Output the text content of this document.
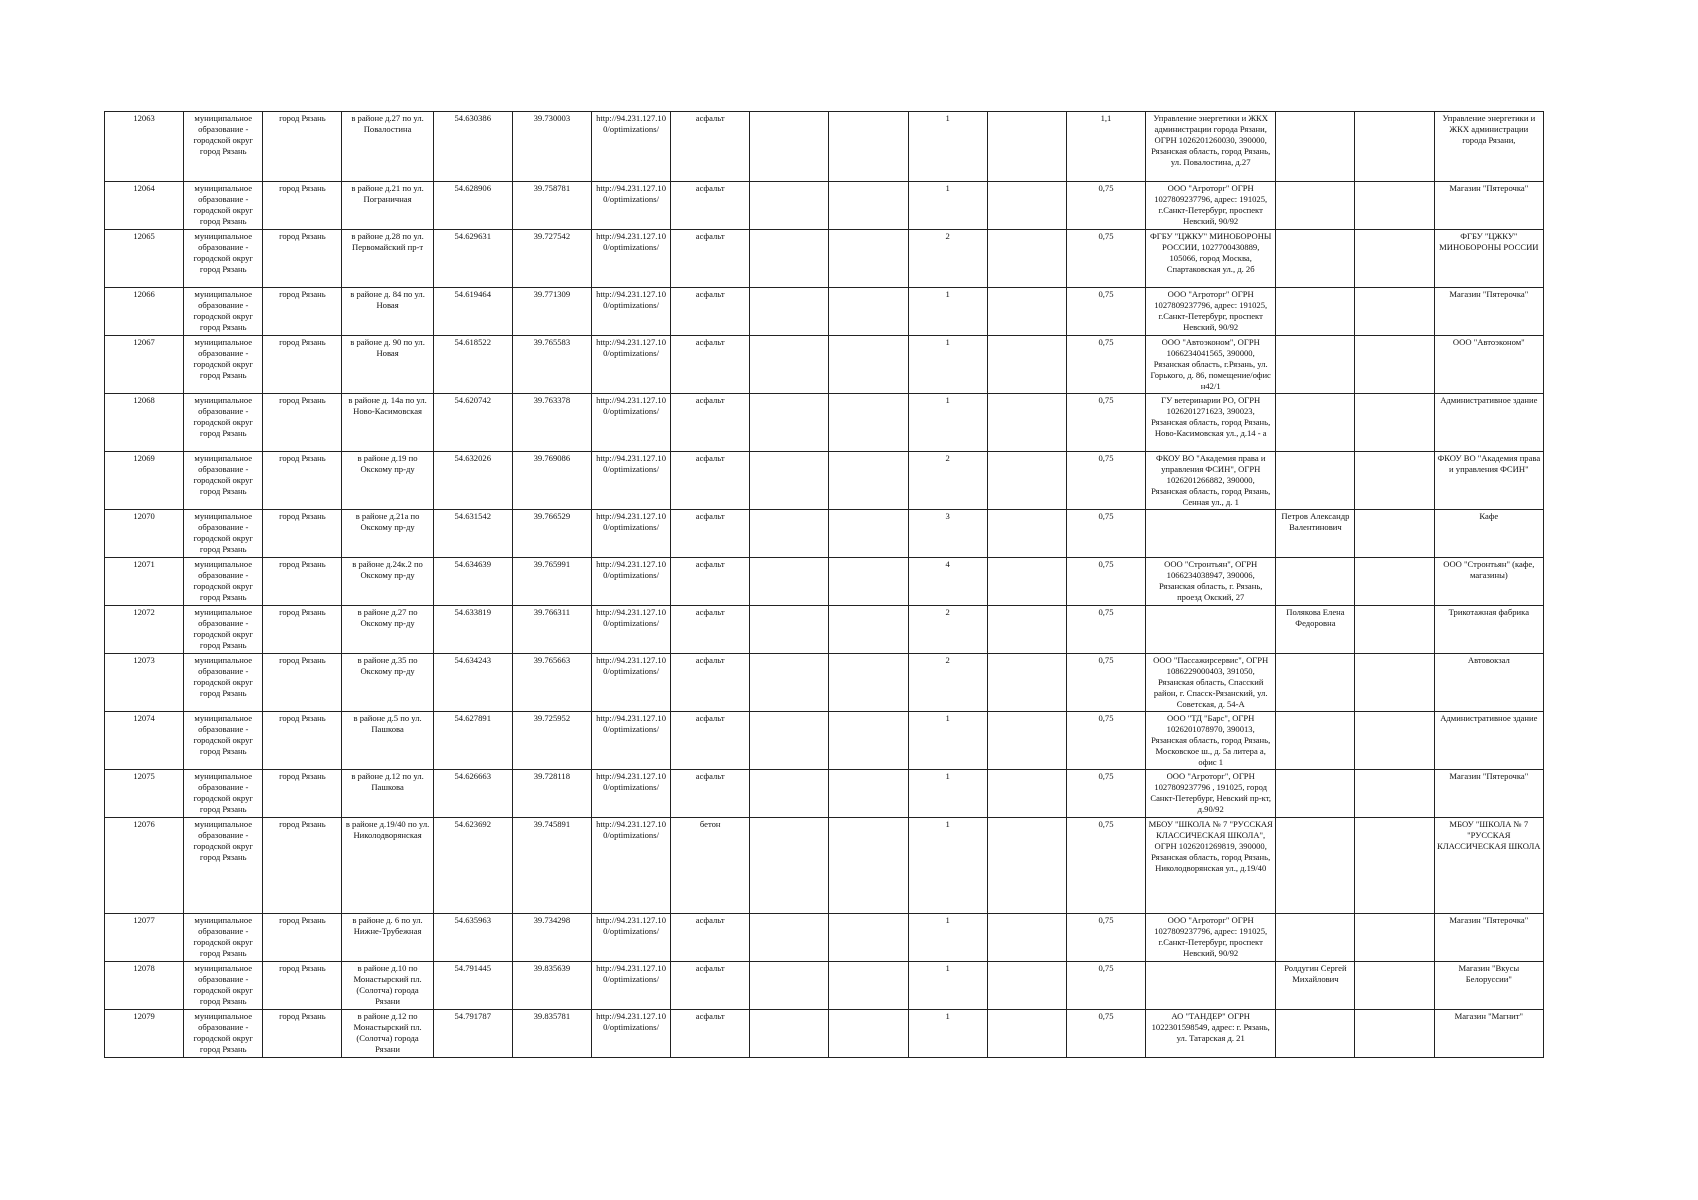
12063	муниципальное образование - городской округ город Рязань	город Рязань	в районе д.27 по ул. Повалостина	54.630386	39.730003	http://94.231.127.100/optimizations/	асфальт			1		1,1	Управление энергетики и ЖКХ администрации города Рязани, ОГРН 1026201260030, 390000, Рязанская область, город Рязань, ул. Повалостина, д.27			Управление энергетики и ЖКХ администрации города Рязани,
12064	муниципальное образование - городской округ город Рязань	город Рязань	в районе д.21 по ул. Пограничная	54.628906	39.758781	http://94.231.127.100/optimizations/	асфальт			1		0,75	ООО "Агроторг" ОГРН 1027809237796, адрес: 191025, г.Санкт-Петербург, проспект Невский, 90/92			Магазин "Пятерочка"
12065	муниципальное образование - городской округ город Рязань	город Рязань	в районе д.28 по ул. Первомайский пр-т	54.629631	39.727542	http://94.231.127.100/optimizations/	асфальт			2		0,75	ФГБУ "ЦЖКУ" МИНОБОРОНЫ РОССИИ, 1027700430889, 105066, город Москва, Спартаковская ул., д. 2б			ФГБУ "ЦЖКУ" МИНОБОРОНЫ РОССИИ
12066	муниципальное образование - городской округ город Рязань	город Рязань	в районе д. 84 по ул. Новая	54.619464	39.771309	http://94.231.127.100/optimizations/	асфальт			1		0,75	ООО "Агроторг" ОГРН 1027809237796, адрес: 191025, г.Санкт-Петербург, проспект Невский, 90/92			Магазин "Пятерочка"
12067	муниципальное образование - городской округ город Рязань	город Рязань	в районе д. 90 по ул. Новая	54.618522	39.765583	http://94.231.127.100/optimizations/	асфальт			1		0,75	ООО "Автоэконом", ОГРН 1066234041565, 390000, Рязанская область, г.Рязань, ул. Горького, д. 86, помещение/офис н42/1			ООО "Автоэконом"
12068	муниципальное образование - городской округ город Рязань	город Рязань	в районе д. 14а по ул. Ново-Касимовская	54.620742	39.763378	http://94.231.127.100/optimizations/	асфальт			1		0,75	ГУ ветеринарии РО, ОГРН 1026201271623, 390023, Рязанская область, город Рязань, Ново-Касимовская ул., д.14 - а			Административное здание
12069	муниципальное образование - городской округ город Рязань	город Рязань	в районе д.19 по Окскому пр-ду	54.632026	39.769086	http://94.231.127.100/optimizations/	асфальт			2		0,75	ФКОУ ВО "Академия права и управления ФСИН", ОГРН 1026201266882, 390000, Рязанская область, город Рязань, Сенная ул., д. 1			ФКОУ ВО "Академия права и управления ФСИН"
12070	муниципальное образование - городской округ город Рязань	город Рязань	в районе д.21а по Окскому пр-ду	54.631542	39.766529	http://94.231.127.100/optimizations/	асфальт			3		0,75		Петров Александр Валентинович		Кафе
12071	муниципальное образование - городской округ город Рязань	город Рязань	в районе д.24к.2 по Окскому пр-ду	54.634639	39.765991	http://94.231.127.100/optimizations/	асфальт			4		0,75	ООО "Стронтьян", ОГРН 1066234038947, 390006, Рязанская область, г. Рязань, проезд Окский, 27			ООО "Стронтьян" (кафе, магазины)
12072	муниципальное образование - городской округ город Рязань	город Рязань	в районе д.27 по Окскому пр-ду	54.633819	39.766311	http://94.231.127.100/optimizations/	асфальт			2		0,75		Полякова Елена Федоровна		Трикотажная фабрика
12073	муниципальное образование - городской округ город Рязань	город Рязань	в районе д.35 по Окскому пр-ду	54.634243	39.765663	http://94.231.127.100/optimizations/	асфальт			2		0,75	ООО "Пассажирсервис", ОГРН 1086229000403, 391050, Рязанская область, Спасский район, г. Спасск-Рязанский, ул. Советская, д. 54-А			Автовокзал
12074	муниципальное образование - городской округ город Рязань	город Рязань	в районе д.5 по ул. Пашкова	54.627891	39.725952	http://94.231.127.100/optimizations/	асфальт			1		0,75	ООО "ТД "Барс", ОГРН 1026201078970, 390013, Рязанская область, город Рязань, Московское ш., д. 5а литера а, офис 1			Административное здание
12075	муниципальное образование - городской округ город Рязань	город Рязань	в районе д.12 по ул. Пашкова	54.626663	39.728118	http://94.231.127.100/optimizations/	асфальт			1		0,75	ООО "Агроторг", ОГРН 1027809237796 , 191025, город Санкт-Петербург, Невский пр-кт, д.90/92			Магазин "Пятерочка"
12076	муниципальное образование - городской округ город Рязань	город Рязань	в районе д.19/40 по ул. Николодворянская	54.623692	39.745891	http://94.231.127.100/optimizations/	бетон			1		0,75	МБОУ "ШКОЛА № 7 "РУССКАЯ КЛАССИЧЕСКАЯ ШКОЛА", ОГРН 1026201269819, 390000, Рязанская область, город Рязань, Николодворянская ул., д.19/40			МБОУ "ШКОЛА № 7 "РУССКАЯ КЛАССИЧЕСКАЯ ШКОЛА
12077	муниципальное образование - городской округ город Рязань	город Рязань	в районе д. 6 по ул. Нижне-Трубежная	54.635963	39.734298	http://94.231.127.100/optimizations/	асфальт			1		0,75	ООО "Агроторг" ОГРН 1027809237796, адрес: 191025, г.Санкт-Петербург, проспект Невский, 90/92			Магазин "Пятерочка"
12078	муниципальное образование - городской округ город Рязань	город Рязань	в районе д.10 по Монастырский пл. (Солотча) города Рязани	54.791445	39.835639	http://94.231.127.100/optimizations/	асфальт			1		0,75		Ролдугин Сергей Михайлович		Магазин "Вкусы Белоруссии"
12079	муниципальное образование - городской округ город Рязань	город Рязань	в районе д.12 по Монастырский пл. (Солотча) города Рязани	54.791787	39.835781	http://94.231.127.100/optimizations/	асфальт			1		0,75	АО "ТАНДЕР" ОГРН 1022301598549, адрес: г. Рязань, ул. Татарская д. 21			Магазин "Магнит"
